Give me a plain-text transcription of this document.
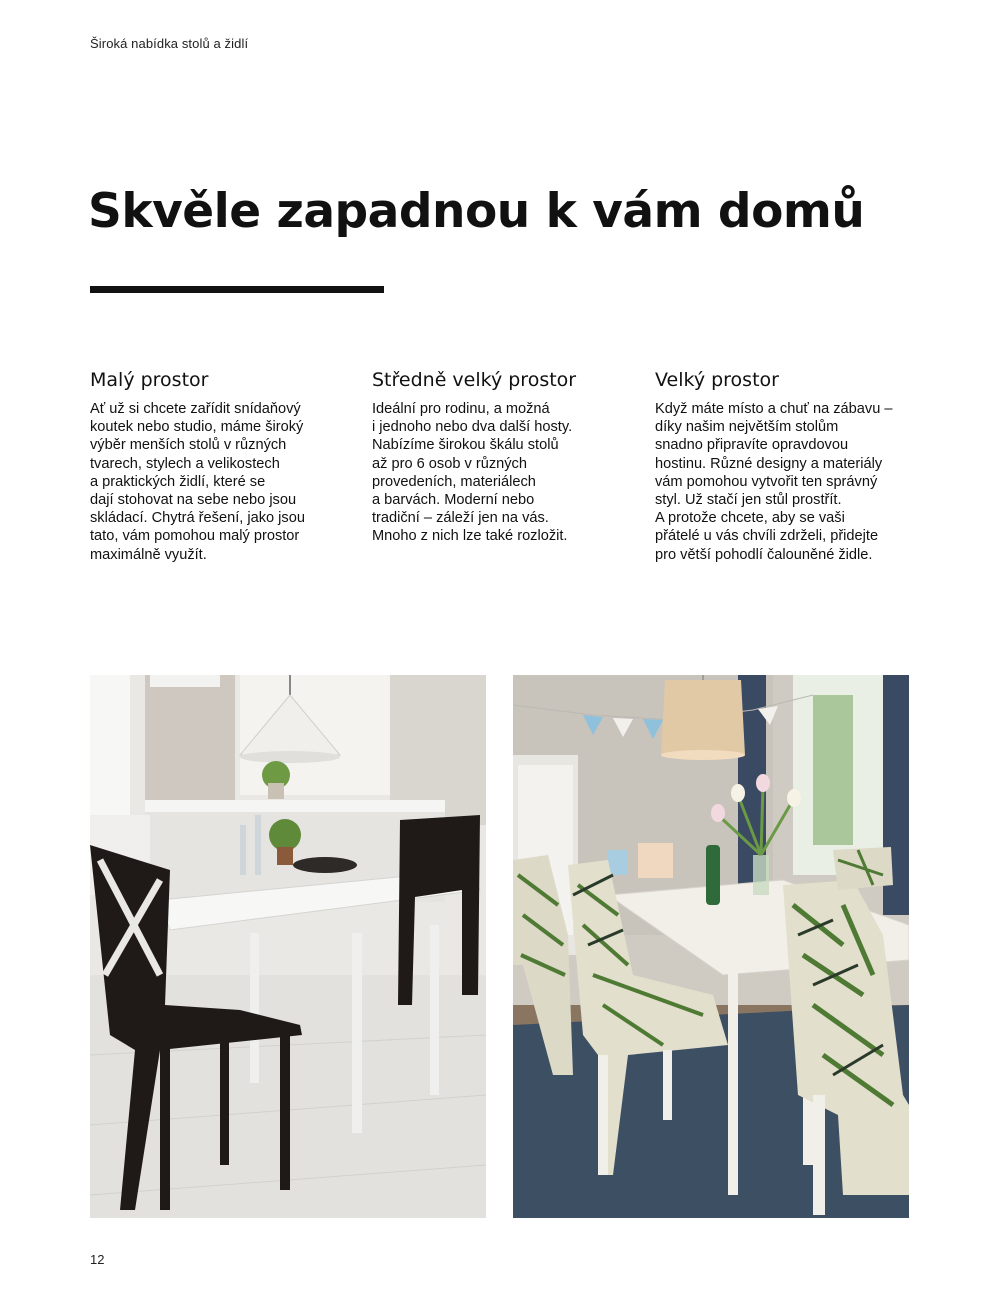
Široká nabídka stolů a židlí
Skvěle zapadnou k vám domů
Malý prostor

Ať už si chcete zařídit snídaňový
koutek nebo studio, máme široký
výběr menších stolů v různých
tvarech, stylech a velikostech
a praktických židlí, které se
dají stohovat na sebe nebo jsou
skládací. Chytrá řešení, jako jsou
tato, vám pomohou malý prostor
maximálně využít.

Středně velký prostor

Ideální pro rodinu, a možná
i jednoho nebo dva další hosty.
Nabízíme širokou škálu stolů
až pro 6 osob v různých
provedeních, materiálech
a barvách. Moderní nebo
tradiční – záleží jen na vás.
Mnoho z nich lze také rozložit.

Velký prostor

Když máte místo a chuť na zábavu –
díky našim největším stolům
snadno připravíte opravdovou
hostinu. Různé designy a materiály
vám pomohou vytvořit ten správný
styl. Už stačí jen stůl prostřít.
A protože chcete, aby se vaši
přátelé u vás chvíli zdrželi, přidejte
pro větší pohodlí čalouněné židle.

12
